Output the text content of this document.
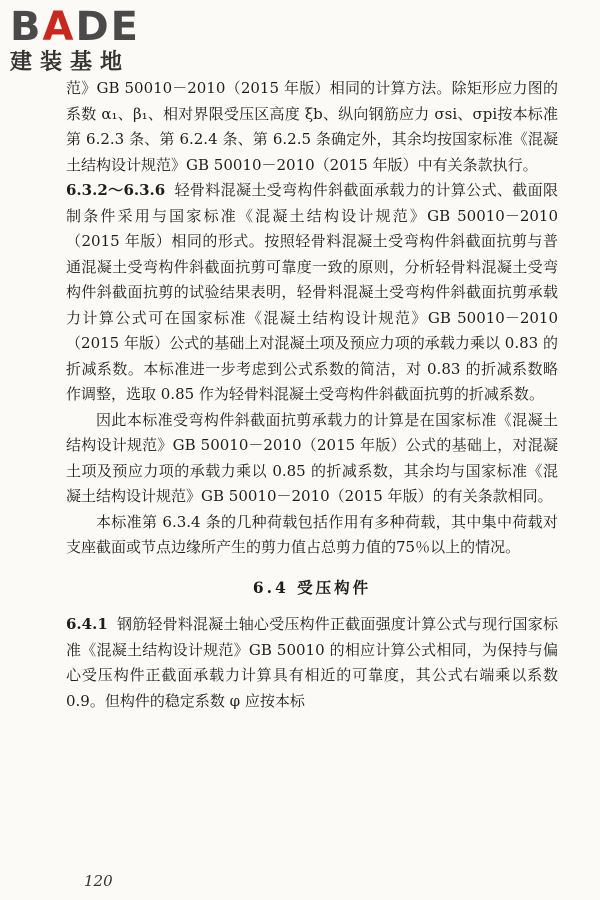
BADE
建装基地

范》GB 50010－2010（2015 年版）相同的计算方法。除矩形应力图的系数 α₁、β₁、相对界限受压区高度 ξb、纵向钢筋应力 σsi、σpi按本标准第 6.2.3 条、第 6.2.4 条、第 6.2.5 条确定外，其余均按国家标准《混凝土结构设计规范》GB 50010－2010（2015 年版）中有关条款执行。

6.3.2～6.3.6 轻骨料混凝土受弯构件斜截面承载力的计算公式、截面限制条件采用与国家标准《混凝土结构设计规范》GB 50010－2010（2015 年版）相同的形式。按照轻骨料混凝土受弯构件斜截面抗剪与普通混凝土受弯构件斜截面抗剪可靠度一致的原则，分析轻骨料混凝土受弯构件斜截面抗剪的试验结果表明，轻骨料混凝土受弯构件斜截面抗剪承载力计算公式可在国家标准《混凝土结构设计规范》GB 50010－2010（2015 年版）公式的基础上对混凝土项及预应力项的承载力乘以 0.83 的折减系数。本标准进一步考虑到公式系数的简洁，对 0.83 的折减系数略作调整，选取 0.85 作为轻骨料混凝土受弯构件斜截面抗剪的折减系数。

因此本标准受弯构件斜截面抗剪承载力的计算是在国家标准《混凝土结构设计规范》GB 50010－2010（2015 年版）公式的基础上，对混凝土项及预应力项的承载力乘以 0.85 的折减系数，其余均与国家标准《混凝土结构设计规范》GB 50010－2010（2015 年版）的有关条款相同。

本标准第 6.3.4 条的几种荷载包括作用有多种荷载，其中集中荷载对支座截面或节点边缘所产生的剪力值占总剪力值的75％以上的情况。

6.4 受压构件

6.4.1 钢筋轻骨料混凝土轴心受压构件正截面强度计算公式与现行国家标准《混凝土结构设计规范》GB 50010 的相应计算公式相同，为保持与偏心受压构件正截面承载力计算具有相近的可靠度，其公式右端乘以系数 0.9。但构件的稳定系数 φ 应按本标

120
